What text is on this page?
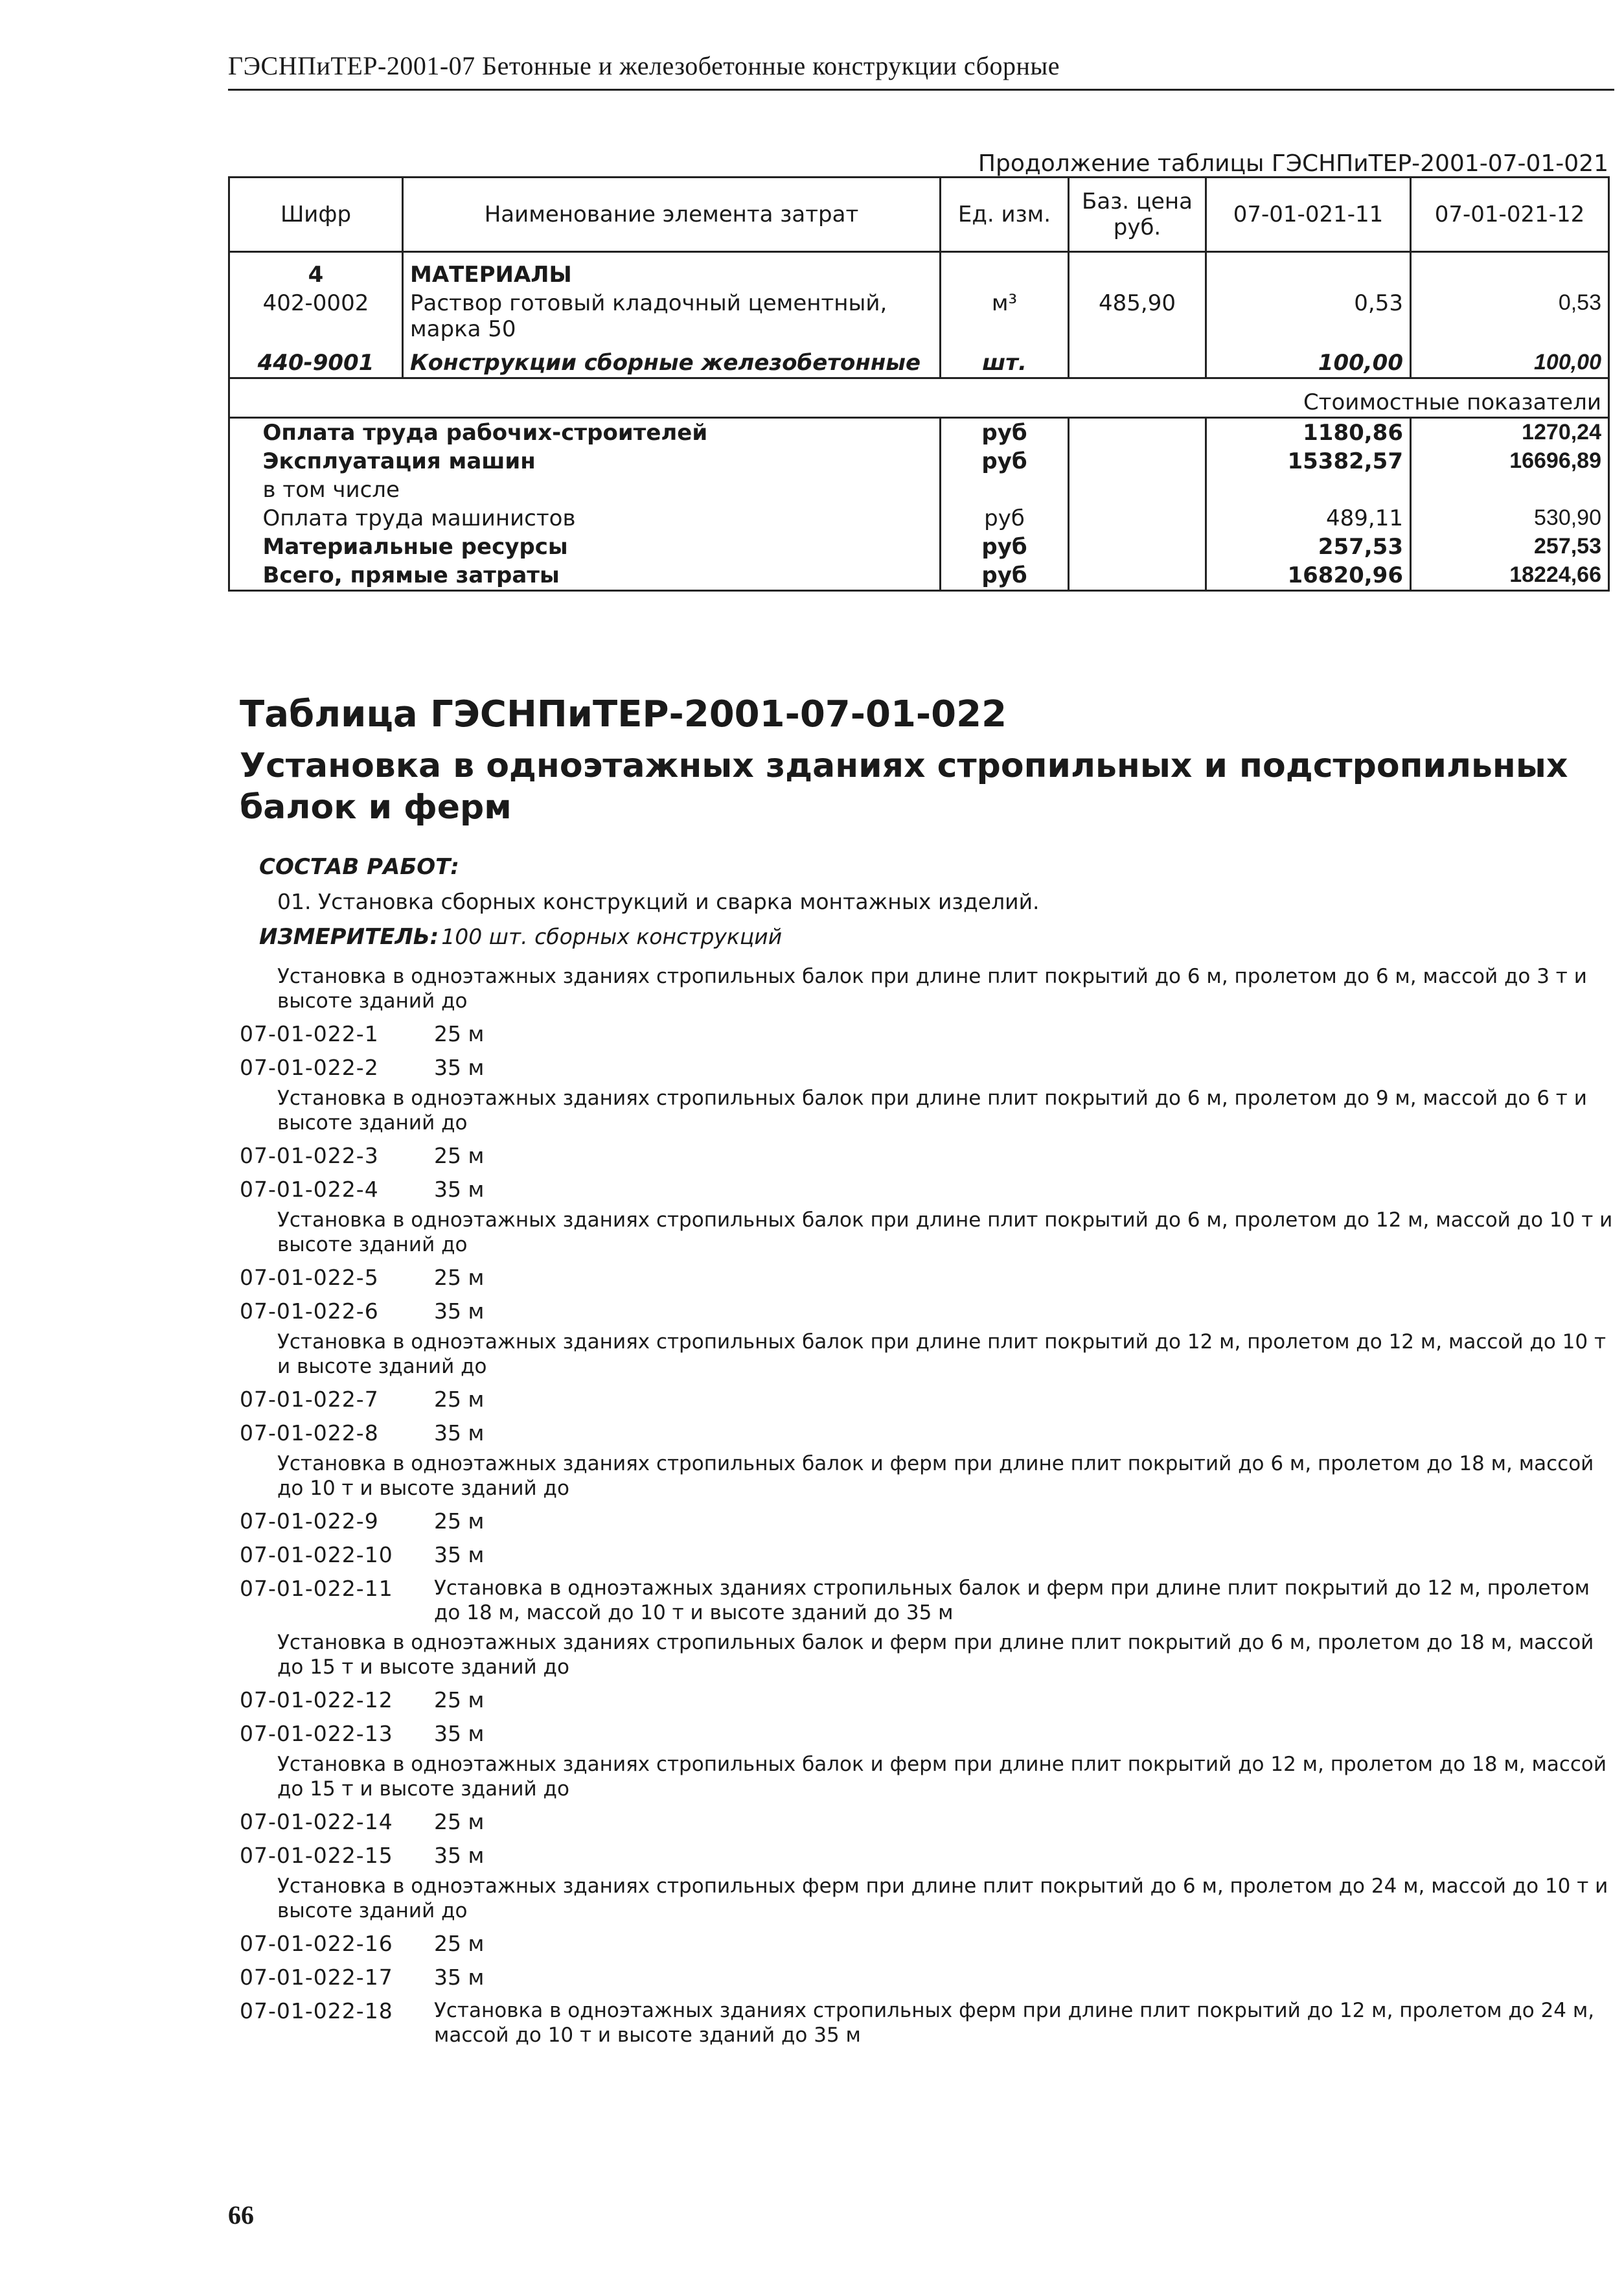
ГЭСНПиТЕР-2001-07 Бетонные и железобетонные конструкции сборные
Продолжение таблицы ГЭСНПиТЕР-2001-07-01-021
Шифр	Наименование элемента затрат	Ед. изм.	Баз. цена руб.	07-01-021-11	07-01-021-12
4	МАТЕРИАЛЫ				
402-0002	Раствор готовый кладочный цементный, марка 50	м³	485,90	0,53	0,53
440-9001	Конструкции сборные железобетонные	шт.		100,00	100,00
Стоимостные показатели					
	Оплата труда рабочих-строителей	руб		1180,86	1270,24
	Эксплуатация машин	руб		15382,57	16696,89
	в том числе				
	Оплата труда машинистов	руб		489,11	530,90
	Материальные ресурсы	руб		257,53	257,53
	Всего, прямые затраты	руб		16820,96	18224,66
Таблица ГЭСНПиТЕР-2001-07-01-022
Установка в одноэтажных зданиях стропильных и подстропильных балок и ферм
СОСТАВ РАБОТ:
01. Установка сборных конструкций и сварка монтажных изделий.
ИЗМЕРИТЕЛЬ: 100 шт. сборных конструкций
Установка в одноэтажных зданиях стропильных балок при длине плит покрытий до 6 м, пролетом до 6 м, массой до 3 т и высоте зданий до
07-01-022-1	25 м
07-01-022-2	35 м
Установка в одноэтажных зданиях стропильных балок при длине плит покрытий до 6 м, пролетом до 9 м, массой до 6 т и высоте зданий до
07-01-022-3	25 м
07-01-022-4	35 м
Установка в одноэтажных зданиях стропильных балок при длине плит покрытий до 6 м, пролетом до 12 м, массой до 10 т и высоте зданий до
07-01-022-5	25 м
07-01-022-6	35 м
Установка в одноэтажных зданиях стропильных балок при длине плит покрытий до 12 м, пролетом до 12 м, массой до 10 т и высоте зданий до
07-01-022-7	25 м
07-01-022-8	35 м
Установка в одноэтажных зданиях стропильных балок и ферм при длине плит покрытий до 6 м, пролетом до 18 м, массой до 10 т и высоте зданий до
07-01-022-9	25 м
07-01-022-10	35 м
07-01-022-11	Установка в одноэтажных зданиях стропильных балок и ферм при длине плит покрытий до 12 м, пролетом до 18 м, массой до 10 т и высоте зданий до 35 м
Установка в одноэтажных зданиях стропильных балок и ферм при длине плит покрытий до 6 м, пролетом до 18 м, массой до 15 т и высоте зданий до
07-01-022-12	25 м
07-01-022-13	35 м
Установка в одноэтажных зданиях стропильных балок и ферм при длине плит покрытий до 12 м, пролетом до 18 м, массой до 15 т и высоте зданий до
07-01-022-14	25 м
07-01-022-15	35 м
Установка в одноэтажных зданиях стропильных ферм при длине плит покрытий до 6 м, пролетом до 24 м, массой до 10 т и высоте зданий до
07-01-022-16	25 м
07-01-022-17	35 м
07-01-022-18	Установка в одноэтажных зданиях стропильных ферм при длине плит покрытий до 12 м, пролетом до 24 м, массой до 10 т и высоте зданий до 35 м
66
